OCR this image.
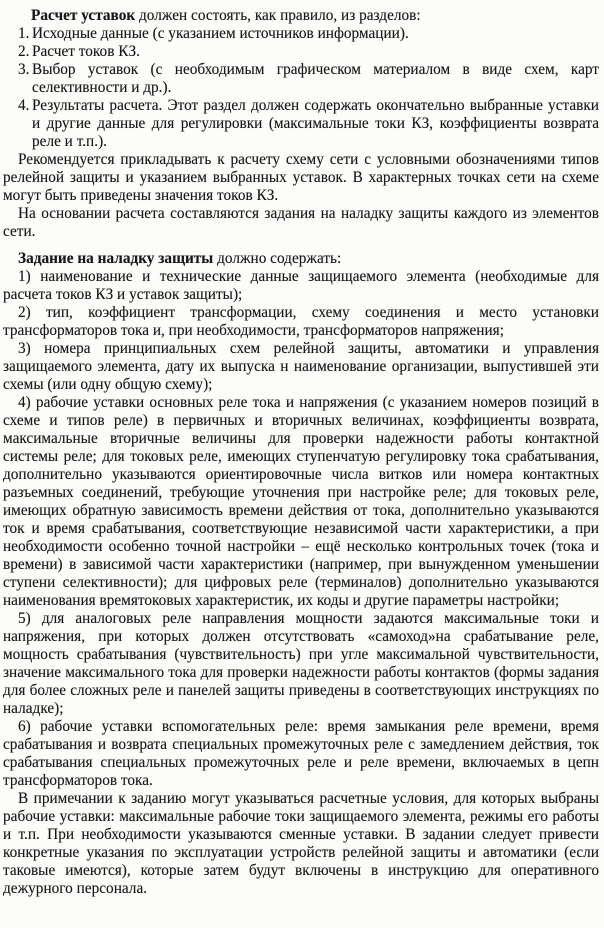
Расчет уставок должен состоять, как правило, из разделов:

1. Исходные данные (с указанием источников информации).

2. Расчет токов КЗ.

3. Выбор уставок (с необходимым графическом материалом в виде схем, карт селективности и др.).

4. Результаты расчета. Этот раздел должен содержать окончательно выбранные уставки и другие данные для регулировки (максимальные токи КЗ, коэффициенты возврата реле и т.п.).

Рекомендуется прикладывать к расчету схему сети с условными обозначениями типов релейной защиты и указанием выбранных уставок. В характерных точках сети на схеме могут быть приведены значения токов КЗ.

На основании расчета составляются задания на наладку защиты каждого из элементов сети.

Задание на наладку защиты должно содержать:

1) наименование и технические данные защищаемого элемента (необходимые для расчета токов КЗ и уставок защиты);

2) тип, коэффициент трансформации, схему соединения и место установки трансформаторов тока и, при необходимости, трансформаторов напряжения;

3) номера принципиальных схем релейной защиты, автоматики и управления защищаемого элемента, дату их выпуска н наименование организации, выпустившей эти схемы (или одну общую схему);

4) рабочие уставки основных реле тока и напряжения (с указанием номеров позиций в схеме и типов реле) в первичных и вторичных величинах, коэффициенты возврата, максимальные вторичные величины для проверки надежности работы контактной системы реле; для токовых реле, имеющих ступенчатую регулировку тока срабатывания, дополнительно указываются ориентировочные числа витков или номера контактных разъемных соединений, требующие уточнения при настройке реле; для токовых реле, имеющих обратную зависимость времени действия от тока, дополнительно указываются ток и время срабатывания, соответствующие независимой части характеристики, а при необходимости особенно точной настройки – ещё несколько контрольных точек (тока и времени) в зависимой части характеристики (например, при вынужденном уменьшении ступени селективности); для цифровых реле (терминалов) дополнительно указываются наименования времятоковых характеристик, их коды и другие параметры настройки;

5) для аналоговых реле направления мощности задаются максимальные токи и напряжения, при которых должен отсутствовать «самоход»на срабатывание реле, мощность срабатывания (чувствительность) при угле максимальной чувствительности, значение максимального тока для проверки надежности работы контактов (формы задания для более сложных реле и панелей защиты приведены в соответствующих инструкциях по наладке);

6) рабочие уставки вспомогательных реле: время замыкания реле времени, время срабатывания и возврата специальных промежуточных реле с замедлением действия, ток срабатывания специальных промежуточных реле и реле времени, включаемых в цепн трансформаторов тока.

В примечании к заданию могут указываться расчетные условия, для которых выбраны рабочие уставки: максимальные рабочие токи защищаемого элемента, режимы его работы и т.п. При необходимости указываются сменные уставки. В задании следует привести конкретные указания по эксплуатации устройств релейной защиты и автоматики (если таковые имеются), которые затем будут включены в инструкцию для оперативного дежурного персонала.
